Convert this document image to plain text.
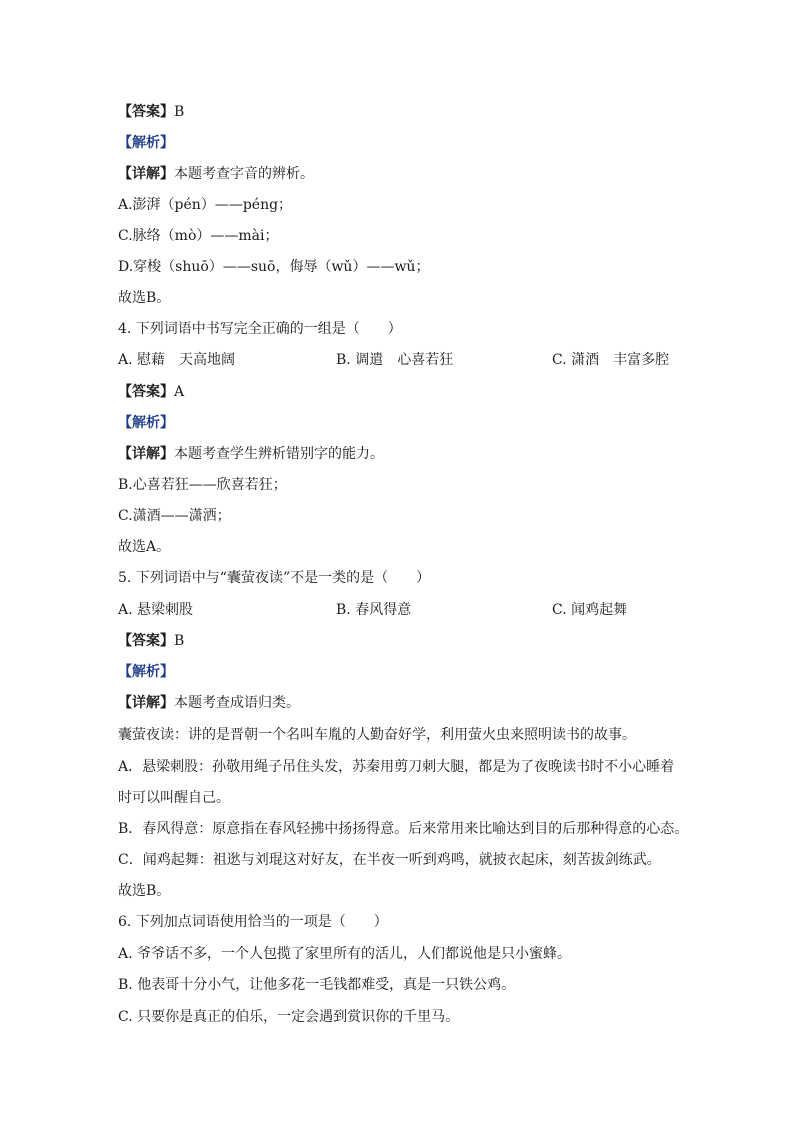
【答案】B
【解析】
【详解】本题考查字音的辨析。
A.澎湃（pén）——péng；
C.脉络（mò）——mài；
D.穿梭（shuō）——suō，侮辱（wǔ）——wǔ；
故选B。
4. 下列词语中书写完全正确的一组是（　　）
A. 慰藉　天高地阔	B. 调遣　心喜若狂	C. 潇酒　丰富多腔
【答案】A
【解析】
【详解】本题考查学生辨析错别字的能力。
B.心喜若狂——欣喜若狂；
C.潇酒——潇洒；
故选A。
5. 下列词语中与“囊萤夜读”不是一类的是（　　）
A. 悬梁刺股	B. 春风得意	C. 闻鸡起舞
【答案】B
【解析】
【详解】本题考查成语归类。
囊萤夜读：讲的是晋朝一个名叫车胤的人勤奋好学，利用萤火虫来照明读书的故事。
A．悬梁刺股：孙敬用绳子吊住头发，苏秦用剪刀刺大腿，都是为了夜晚读书时不小心睡着
时可以叫醒自己。
B．春风得意：原意指在春风轻拂中扬扬得意。后来常用来比喻达到目的后那种得意的心态。
C．闻鸡起舞：祖逖与刘琨这对好友，在半夜一听到鸡鸣，就披衣起床，刻苦拔剑练武。
故选B。
6. 下列加点词语使用恰当的一项是（　　）
A. 爷爷话不多，一个人包揽了家里所有的活儿，人们都说他是只小蜜蜂。
B. 他表哥十分小气，让他多花一毛钱都难受，真是一只铁公鸡。
C. 只要你是真正的伯乐，一定会遇到赏识你的千里马。
